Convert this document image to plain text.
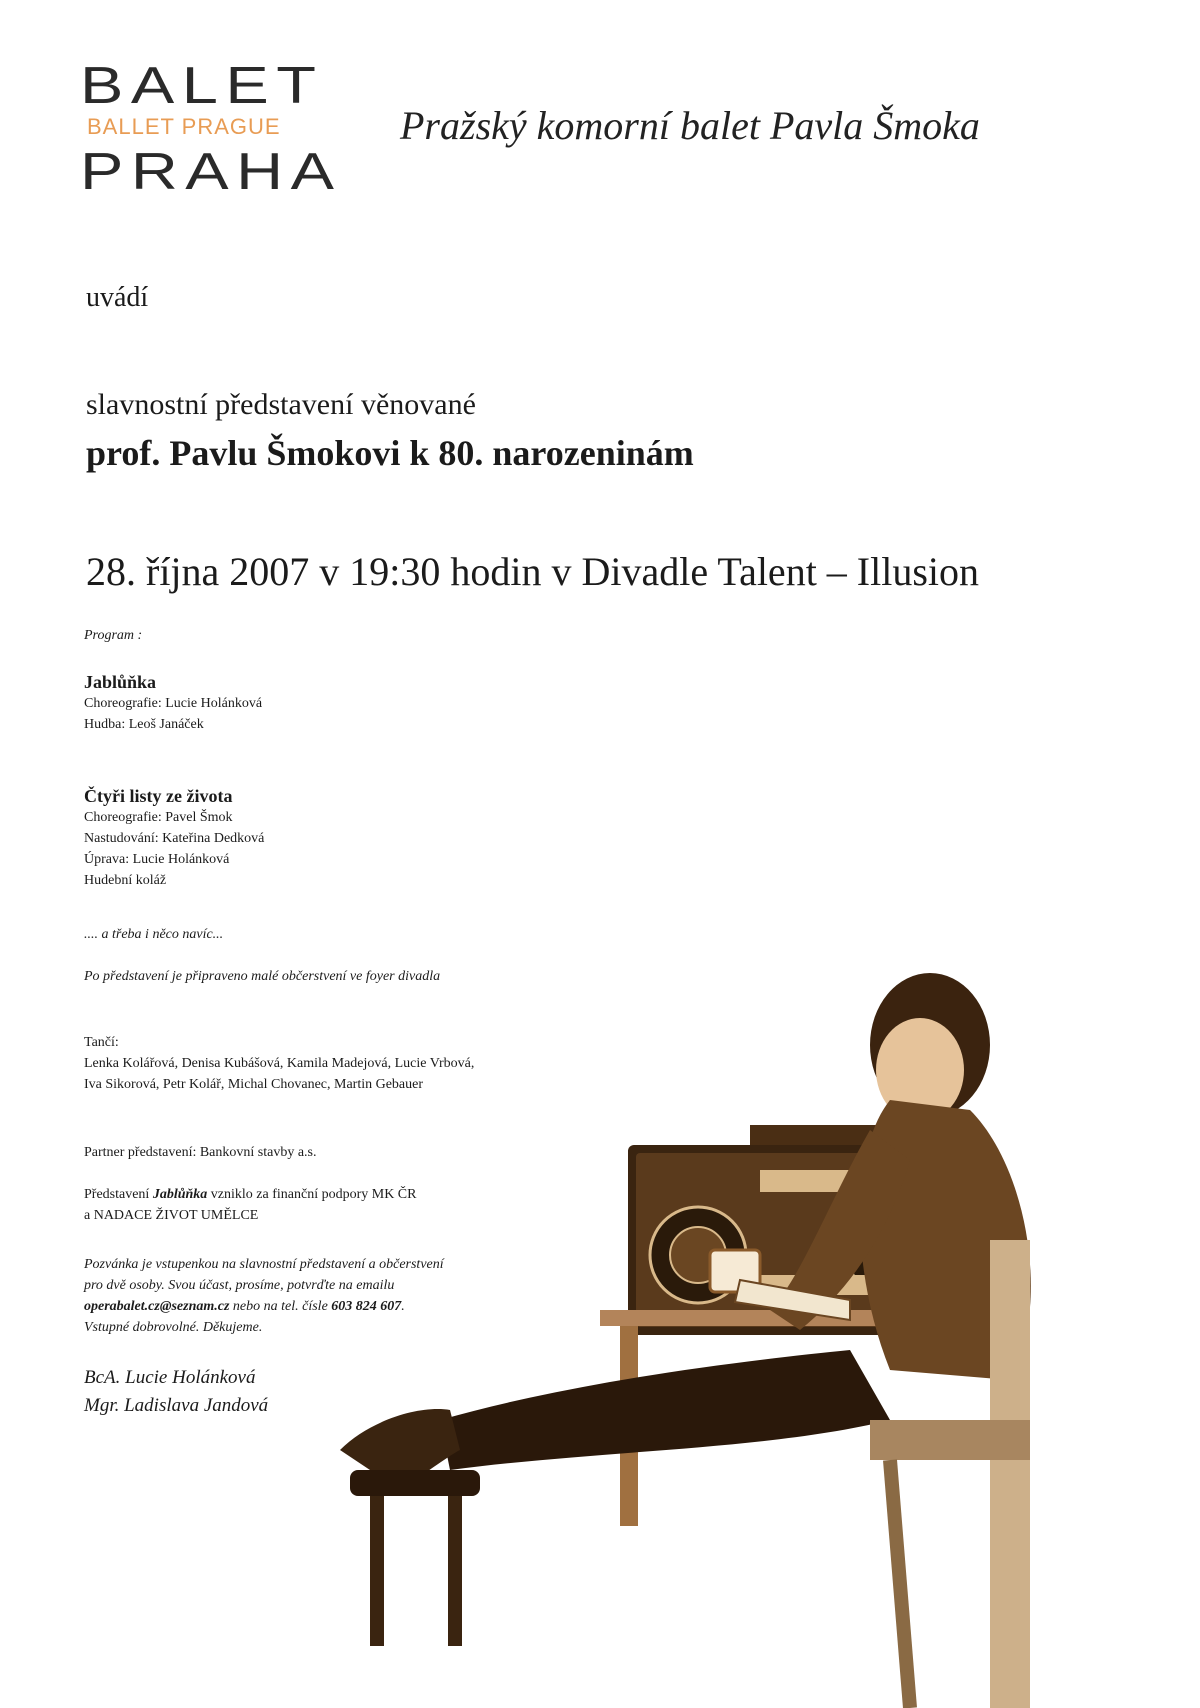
BALET
BALLET PRAGUE
PRAHA
Pražský komorní balet Pavla Šmoka
uvádí
slavnostní představení věnované
prof. Pavlu Šmokovi k 80. narozeninám
28. října 2007 v 19:30 hodin v Divadle Talent – Illusion
Program :
Jablůňka
Choreografie: Lucie Holánková
Hudba: Leoš Janáček
Čtyři listy ze života
Choreografie: Pavel Šmok
Nastudování: Kateřina Dedková
Úprava: Lucie Holánková
Hudební koláž
.... a třeba i něco navíc...
Po představení je připraveno malé občerstvení ve foyer divadla
Tančí:
Lenka Kolářová, Denisa Kubášová, Kamila Madejová, Lucie Vrbová,
Iva Sikorová, Petr Kolář, Michal Chovanec, Martin Gebauer
Partner představení: Bankovní stavby a.s.
Představení Jablůňka vzniklo za finanční podpory MK ČR
a NADACE ŽIVOT UMĚLCE
Pozvánka je vstupenkou na slavnostní představení a občerstvení
pro dvě osoby. Svou účast, prosíme, potvrďte na emailu
operabalet.cz@seznam.cz nebo na tel. čísle 603 824 607.
Vstupné dobrovolné. Děkujeme.
BcA. Lucie Holánková
Mgr. Ladislava Jandová
